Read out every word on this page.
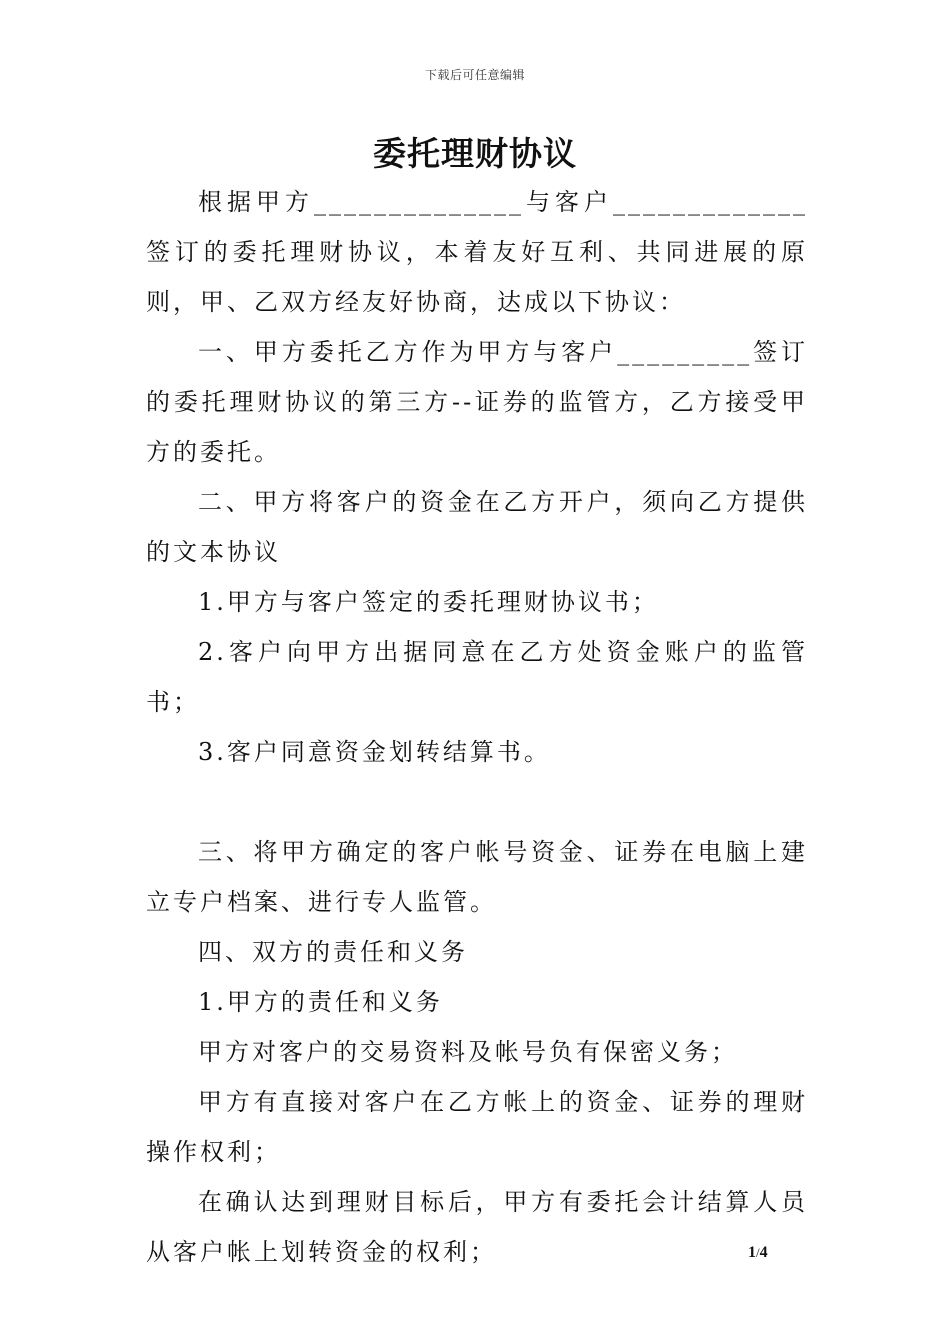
下载后可任意编辑
委托理财协议

根据甲方______________与客户_____________签订的委托理财协议，本着友好互利、共同进展的原则，甲、乙双方经友好协商，达成以下协议：

一、甲方委托乙方作为甲方与客户_________签订的委托理财协议的第三方--证券的监管方，乙方接受甲方的委托。

二、甲方将客户的资金在乙方开户，须向乙方提供的文本协议

1.甲方与客户签定的委托理财协议书；

2.客户向甲方出据同意在乙方处资金账户的监管书；

3.客户同意资金划转结算书。

三、将甲方确定的客户帐号资金、证券在电脑上建立专户档案、进行专人监管。

四、双方的责任和义务

1.甲方的责任和义务

甲方对客户的交易资料及帐号负有保密义务；

甲方有直接对客户在乙方帐上的资金、证券的理财操作权利；

在确认达到理财目标后，甲方有委托会计结算人员从客户帐上划转资金的权利；	1/4
